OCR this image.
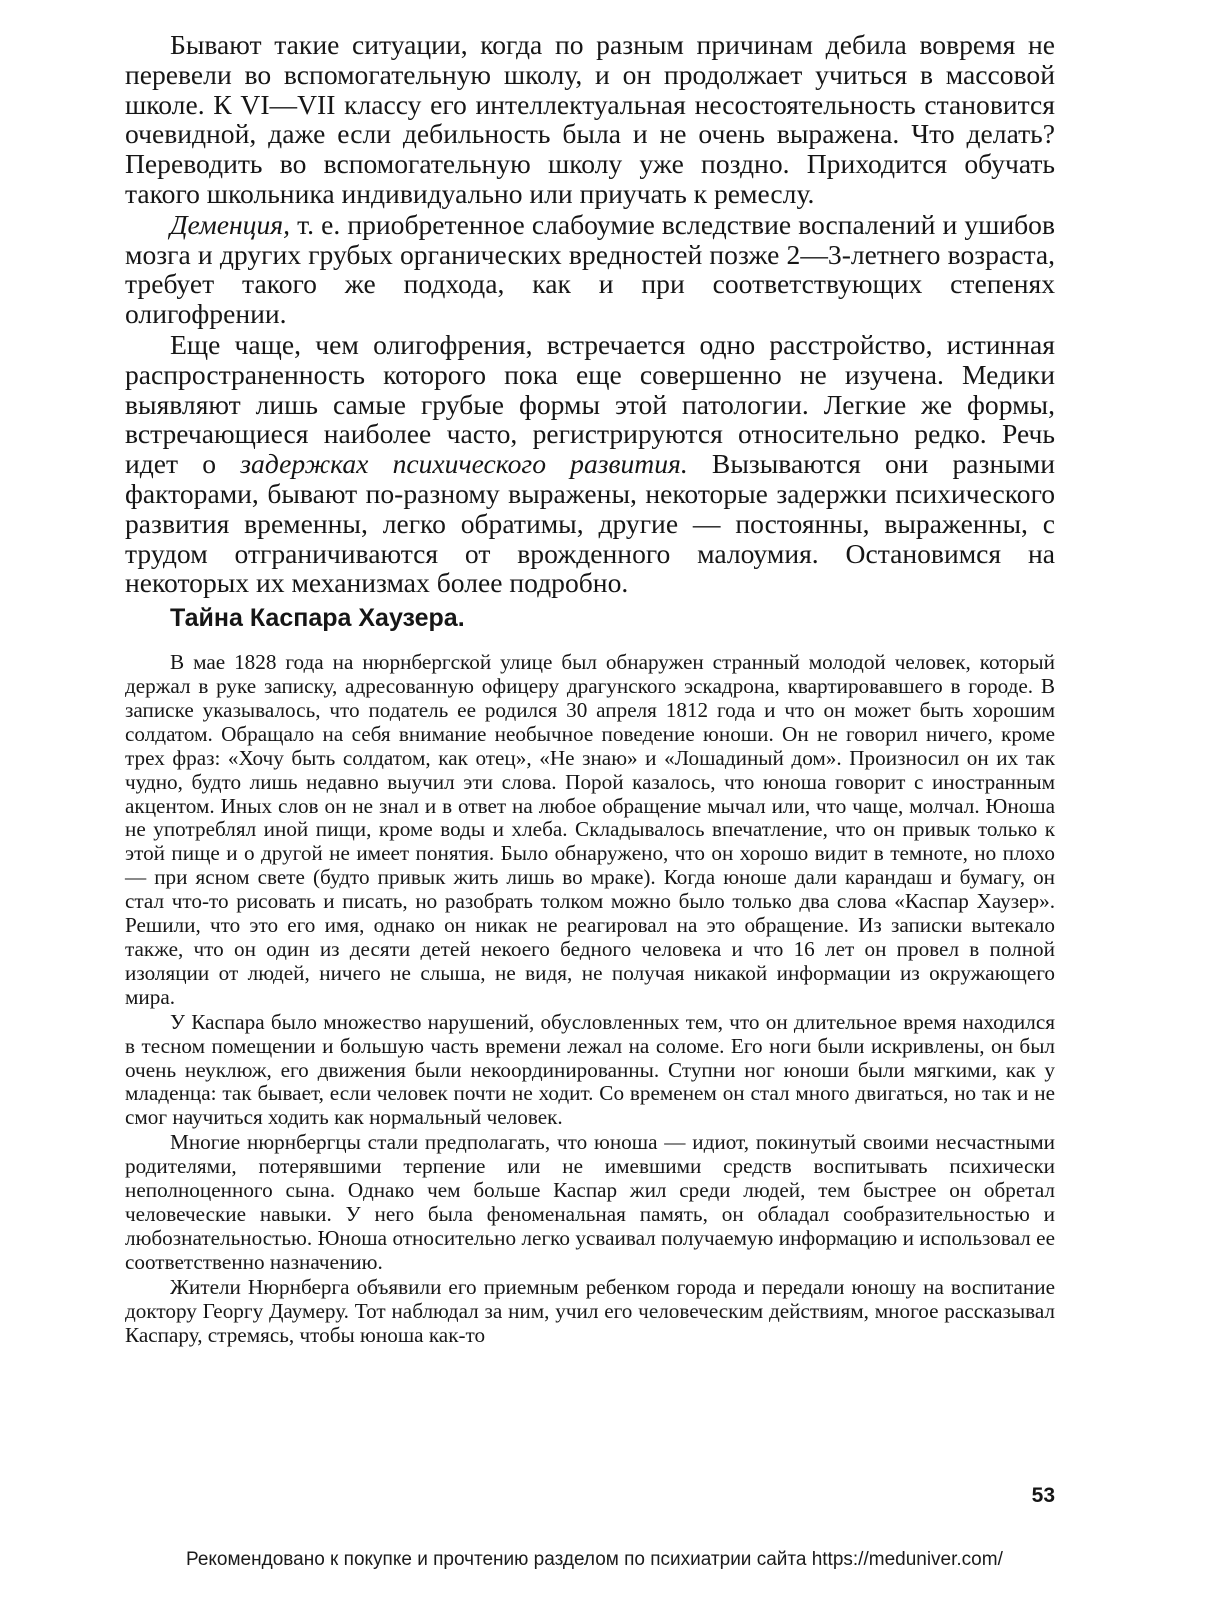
Бывают такие ситуации, когда по разным причинам дебила вовремя не перевели во вспомогательную школу, и он продолжает учиться в массовой школе. К VI—VII классу его интеллектуальная несостоятельность становится очевидной, даже если дебильность была и не очень выражена. Что делать? Переводить во вспомогательную школу уже поздно. Приходится обучать такого школьника индивидуально или приучать к ремеслу.

Деменция, т. е. приобретенное слабоумие вследствие воспалений и ушибов мозга и других грубых органических вредностей позже 2—3-летнего возраста, требует такого же подхода, как и при соответствующих степенях олигофрении.

Еще чаще, чем олигофрения, встречается одно расстройство, истинная распространенность которого пока еще совершенно не изучена. Медики выявляют лишь самые грубые формы этой патологии. Легкие же формы, встречающиеся наиболее часто, регистрируются относительно редко. Речь идет о задержках психического развития. Вызываются они разными факторами, бывают по-разному выражены, некоторые задержки психического развития временны, легко обратимы, другие — постоянны, выраженны, с трудом отграничиваются от врожденного малоумия. Остановимся на некоторых их механизмах более подробно.

Тайна Каспара Хаузера.

В мае 1828 года на нюрнбергской улице был обнаружен странный молодой человек, который держал в руке записку, адресованную офицеру драгунского эскадрона, квартировавшего в городе. В записке указывалось, что податель ее родился 30 апреля 1812 года и что он может быть хорошим солдатом. Обращало на себя внимание необычное поведение юноши. Он не говорил ничего, кроме трех фраз: «Хочу быть солдатом, как отец», «Не знаю» и «Лошадиный дом». Произносил он их так чудно, будто лишь недавно выучил эти слова. Порой казалось, что юноша говорит с иностранным акцентом. Иных слов он не знал и в ответ на любое обращение мычал или, что чаще, молчал. Юноша не употреблял иной пищи, кроме воды и хлеба. Складывалось впечатление, что он привык только к этой пище и о другой не имеет понятия. Было обнаружено, что он хорошо видит в темноте, но плохо — при ясном свете (будто привык жить лишь во мраке). Когда юноше дали карандаш и бумагу, он стал что-то рисовать и писать, но разобрать толком можно было только два слова «Каспар Хаузер». Решили, что это его имя, однако он никак не реагировал на это обращение. Из записки вытекало также, что он один из десяти детей некоего бедного человека и что 16 лет он провел в полной изоляции от людей, ничего не слыша, не видя, не получая никакой информации из окружающего мира.

У Каспара было множество нарушений, обусловленных тем, что он длительное время находился в тесном помещении и большую часть времени лежал на соломе. Его ноги были искривлены, он был очень неуклюж, его движения были некоординированны. Ступни ног юноши были мягкими, как у младенца: так бывает, если человек почти не ходит. Со временем он стал много двигаться, но так и не смог научиться ходить как нормальный человек.

Многие нюрнбергцы стали предполагать, что юноша — идиот, покинутый своими несчастными родителями, потерявшими терпение или не имевшими средств воспитывать психически неполноценного сына. Однако чем больше Каспар жил среди людей, тем быстрее он обретал человеческие навыки. У него была феноменальная память, он обладал сообразительностью и любознательностью. Юноша относительно легко усваивал получаемую информацию и использовал ее соответственно назначению.

Жители Нюрнберга объявили его приемным ребенком города и передали юношу на воспитание доктору Георгу Даумеру. Тот наблюдал за ним, учил его человеческим действиям, многое рассказывал Каспару, стремясь, чтобы юноша как-то

53
Рекомендовано к покупке и прочтению разделом по психиатрии сайта https://meduniver.com/
